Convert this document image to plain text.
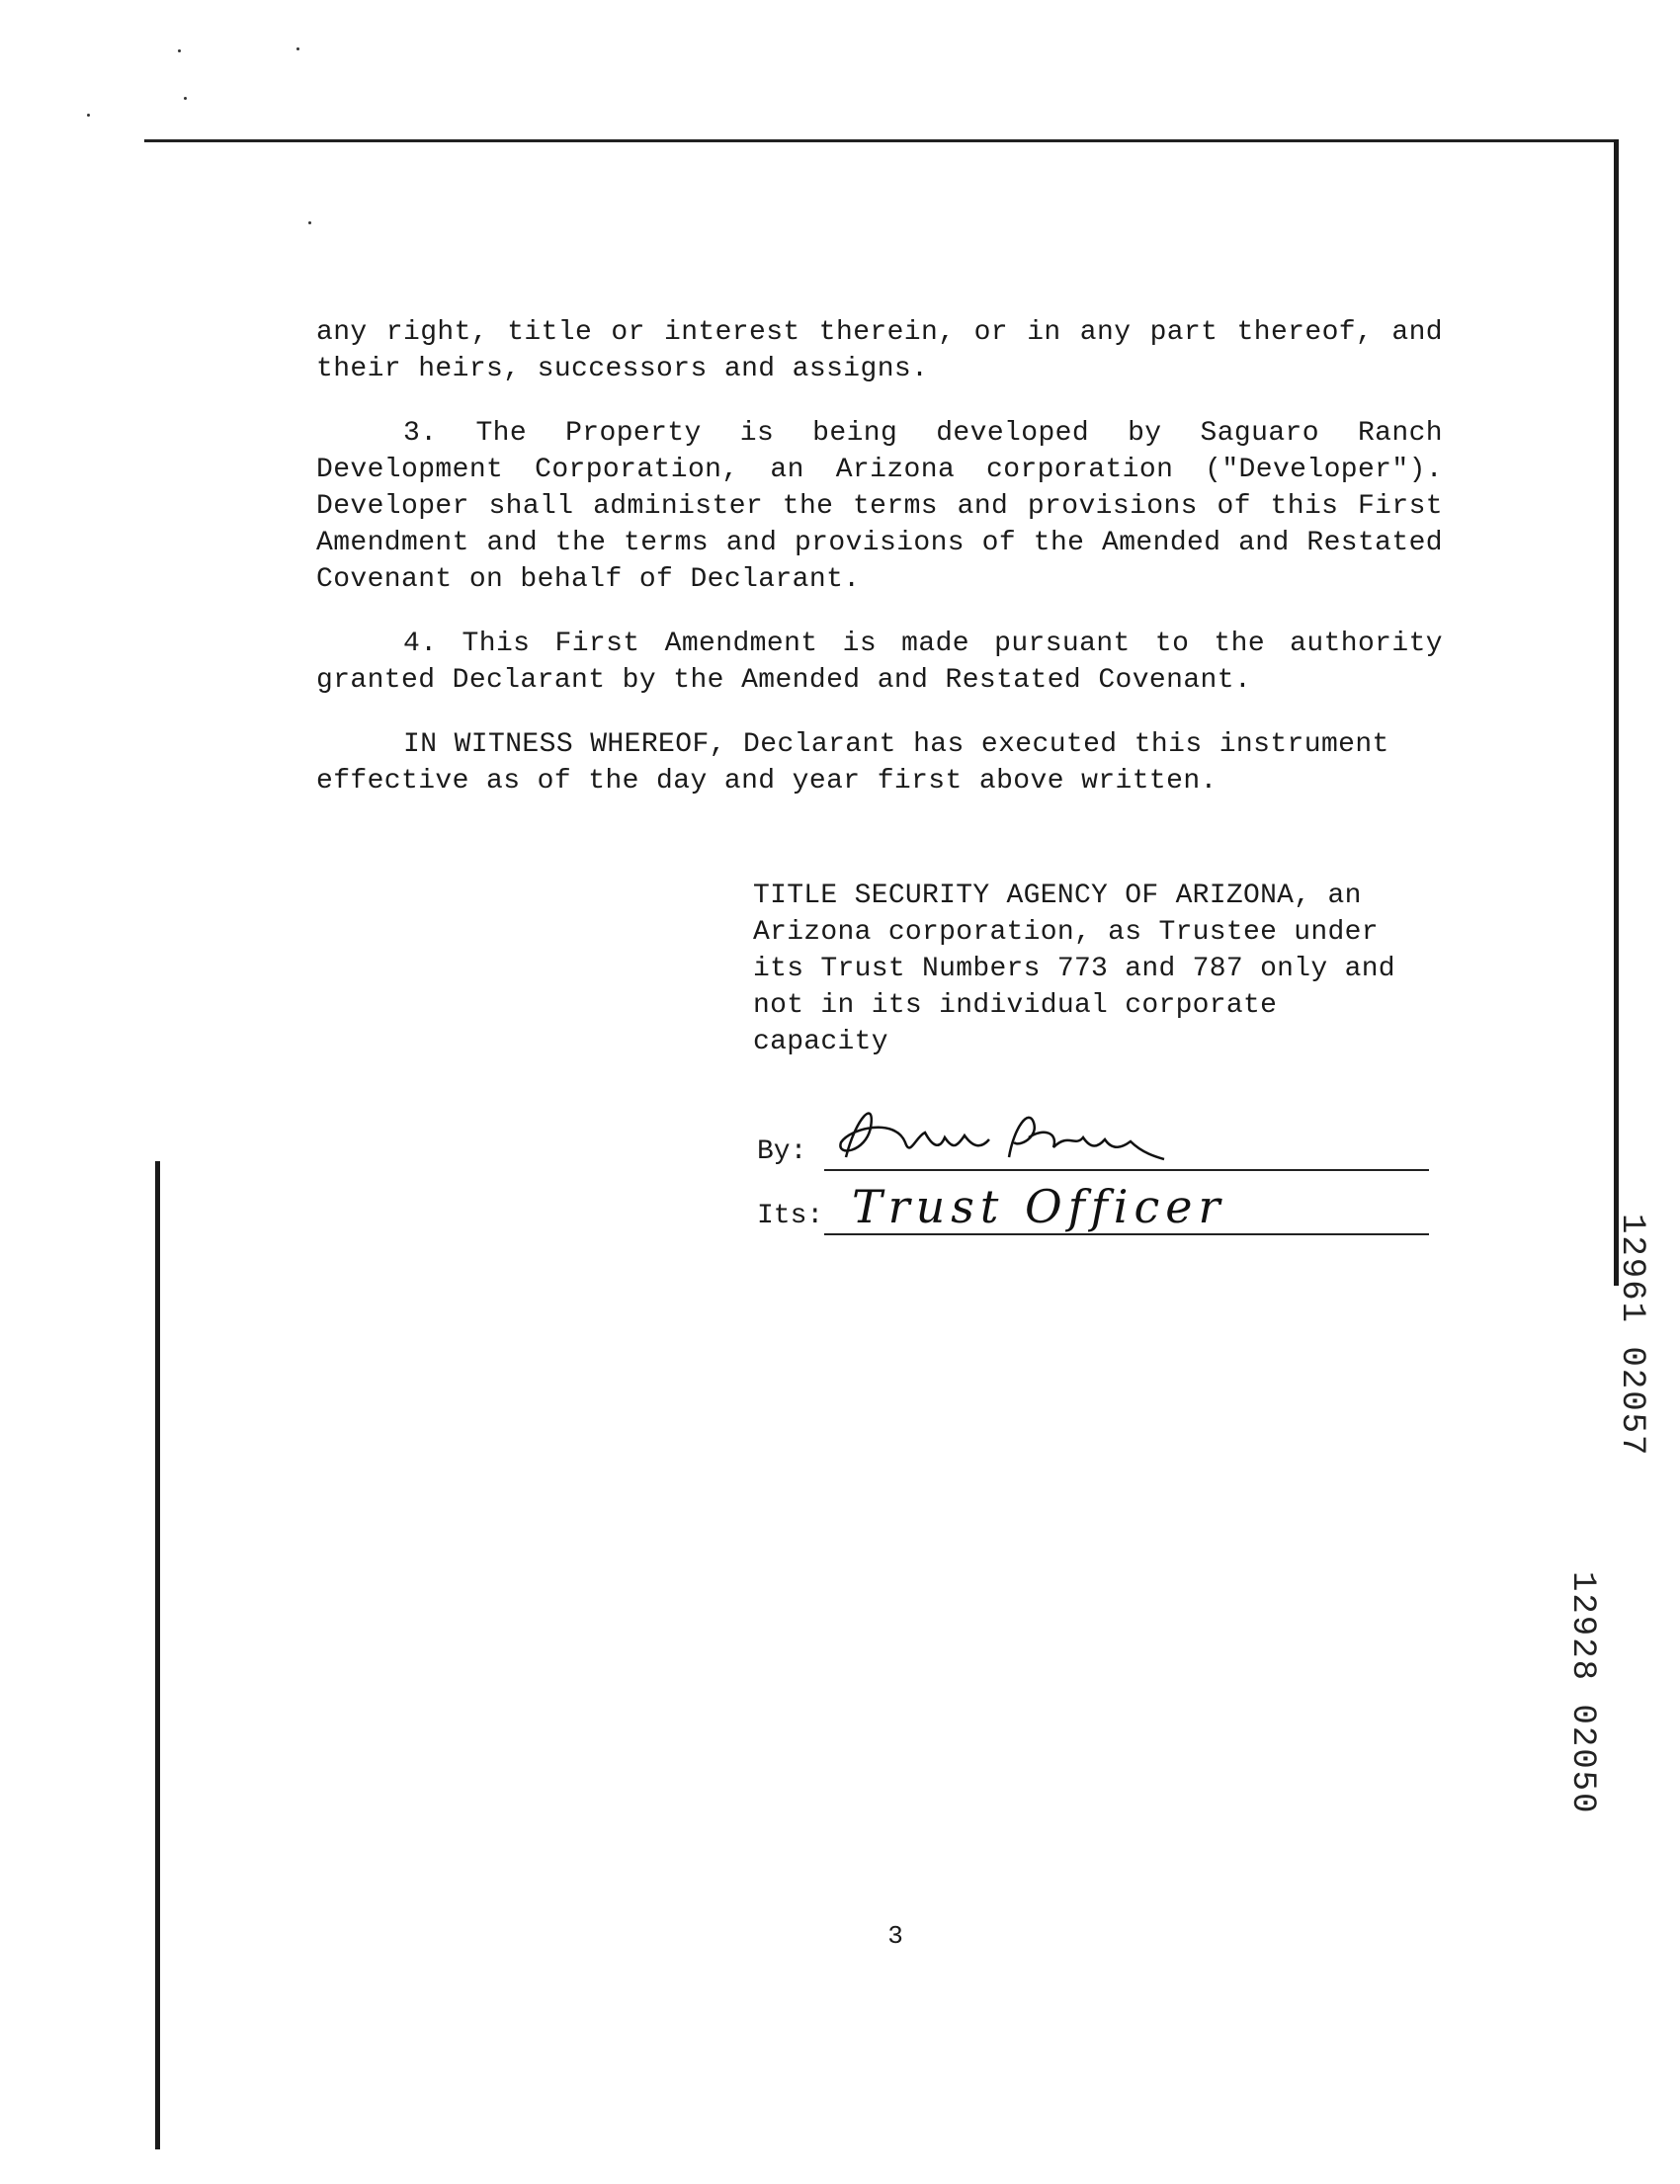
any right, title or interest therein, or in any part thereof, and their heirs, successors and assigns.

3. The Property is being developed by Saguaro Ranch Development Corporation, an Arizona corporation ("Developer"). Developer shall administer the terms and provisions of this First Amendment and the terms and provisions of the Amended and Restated Covenant on behalf of Declarant.

4. This First Amendment is made pursuant to the authority granted Declarant by the Amended and Restated Covenant.

IN WITNESS WHEREOF, Declarant has executed this instrument effective as of the day and year first above written.

TITLE SECURITY AGENCY OF ARIZONA, an

Arizona corporation, as Trustee under

its Trust Numbers 773 and 787 only and

not in its individual corporate

capacity

By:
Its: Trust Officer
3
12961 02057
12928 02050
